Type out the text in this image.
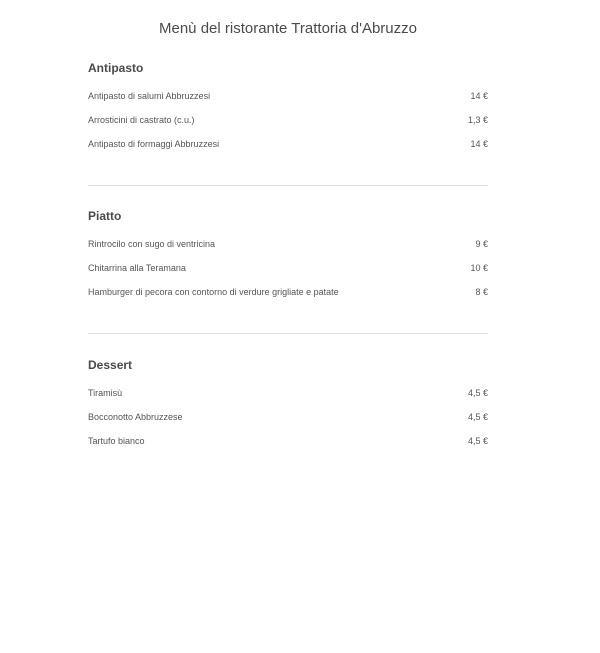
Menù del ristorante Trattoria d'Abruzzo
Antipasto
Antipasto di salumi Abbruzzesi	14 €
Arrosticini di castrato (c.u.)	1,3 €
Antipasto di formaggi Abbruzzesi	14 €
Piatto
Rintrocilo con sugo di ventricina	9 €
Chitarrina alla Teramana	10 €
Hamburger di pecora con contorno di verdure grigliate e patate	8 €
Dessert
Tiramisù	4,5 €
Bocconotto Abbruzzese	4,5 €
Tartufo bianco	4,5 €
